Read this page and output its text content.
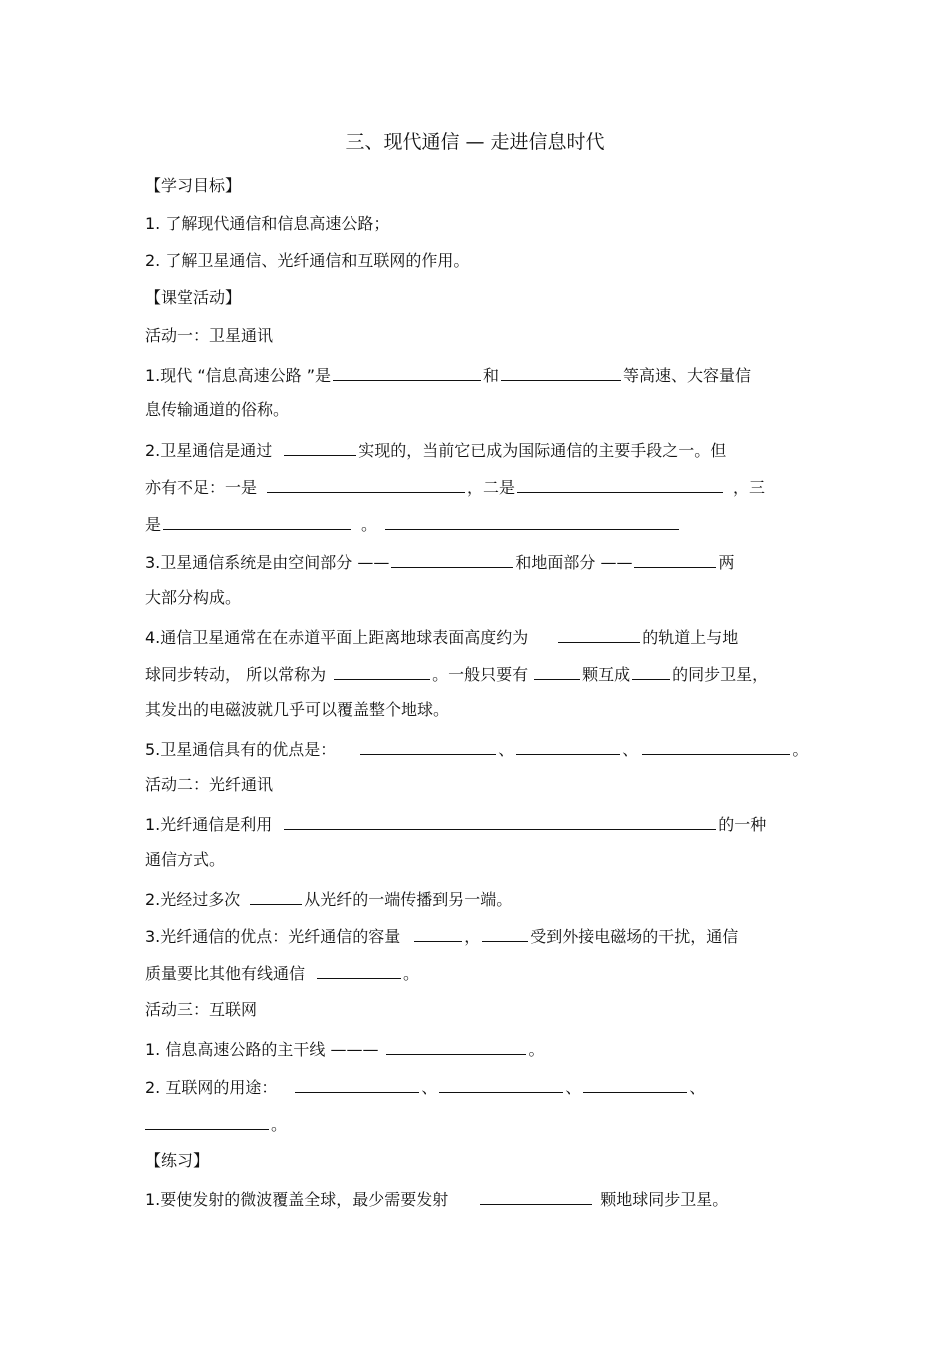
三、现代通信 — 走进信息时代
【学习目标】
1. 了解现代通信和信息高速公路；
2. 了解卫星通信、光纤通信和互联网的作用。
【课堂活动】
活动一：卫星通讯
1.现代 “信息高速公路 ”是	和	等高速、大容量信
息传输通道的俗称。
2.卫星通信是通过	实现的，当前它已成为国际通信的主要手段之一。但
亦有不足：一是	，二是	，三
是	。
3.卫星通信系统是由空间部分 ——	和地面部分 ——	两
大部分构成。
4.通信卫星通常在在赤道平面上距离地球表面高度约为	的轨道上与地
球同步转动， 所以常称为	。一般只要有	颗互成	的同步卫星，
其发出的电磁波就几乎可以覆盖整个地球。
5.卫星通信具有的优点是：	、	、	。
活动二：光纤通讯
1.光纤通信是利用	的一种
通信方式。
2.光经过多次	从光纤的一端传播到另一端。
3.光纤通信的优点：光纤通信的容量	，	受到外接电磁场的干扰，通信
质量要比其他有线通信	。
活动三：互联网
1. 信息高速公路的主干线 ———	。
2. 互联网的用途：	、	、	、
。
【练习】
1.要使发射的微波覆盖全球，最少需要发射	颗地球同步卫星。
